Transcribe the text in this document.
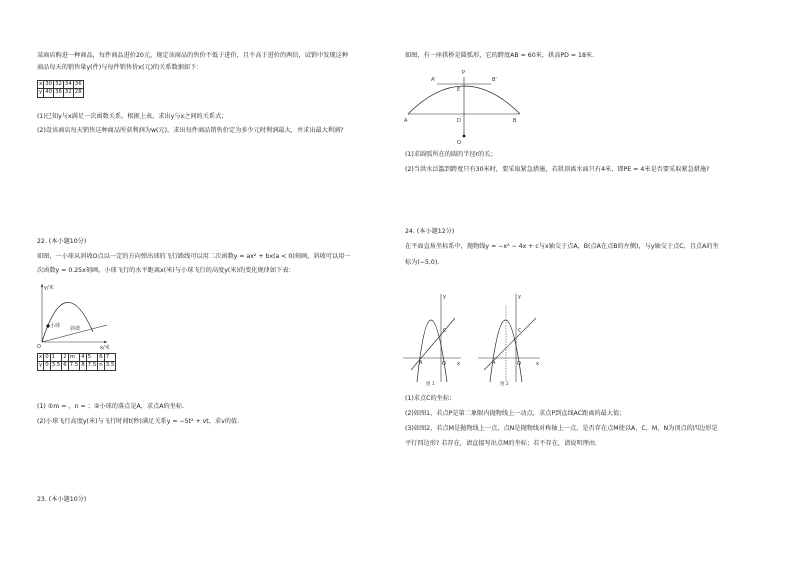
某商店购进一种商品，每件商品进价20元，规定该商品的售价不低于进价，且不高于进价的两倍，试销中发现这种
商品每天的销售量y(件)与每件销售价x(元)的关系数据如下：
x	30	32	34	36
y	40	36	32	28
(1)已知y与x满足一次函数关系，根据上表，求出y与x之间的关系式；
(2)设该商店每天销售这种商品所获利润为w(元)，求出每件商品销售价定为多少元时利润最大，并求出最大利润?
22. (本小题10分)
如图，一小球从斜坡O点以一定的方向弹出球的飞行路线可以用二次函数y = ax² + bx(a < 0)刻画，斜坡可以用一
次函数y = 0.25x刻画，小球飞行的水平距离x(米)与小球飞行的高度y(米)的变化规律如下表：
y/米
x/米
O
小球 斜坡
x	0	1	2	m	4	5	6	7
y	0	3.5	6	7.5	8	7.5	n	3.5
(1) ①m = ，n = ；②小球的落点是A，求点A的坐标.
(2)小球飞行高度y(米)与飞行时间t(秒)满足关系y = −5t² + vt，求v的值.
23. (本小题10分)
如图，有一座拱桥是圆弧形，它的跨度AB = 60米，拱高PD = 18米.
A'	B'
P
E
A	D	B
O
(1)求圆弧所在的圆的半径r的长；
(2)当洪水泛滥到跨度只有30米时，要采取紧急措施，若拱顶离水面只有4米，即PE = 4米是否要采取紧急措施?
24. (本小题12分)
在平面直角坐标系中，抛物线y = −x² − 4x + c与x轴交于点A，B(点A在点B的左侧)，与y轴交于点C，且点A的坐
标为(−5,0).
y
x
A
C
O
图 1
y
x
A
C
O
图 2
(1)求点C的坐标；
(2)如图1，若点P是第二象限内抛物线上一动点，求点P到直线AC距离的最大值；
(3)如图2，若点M是抛物线上一点，点N是抛物线对称轴上一点，是否存在点M使以A，C，M，N为顶点的四边形是
平行四边形? 若存在，请直接写出点M的坐标；若不存在，请说明理由.
